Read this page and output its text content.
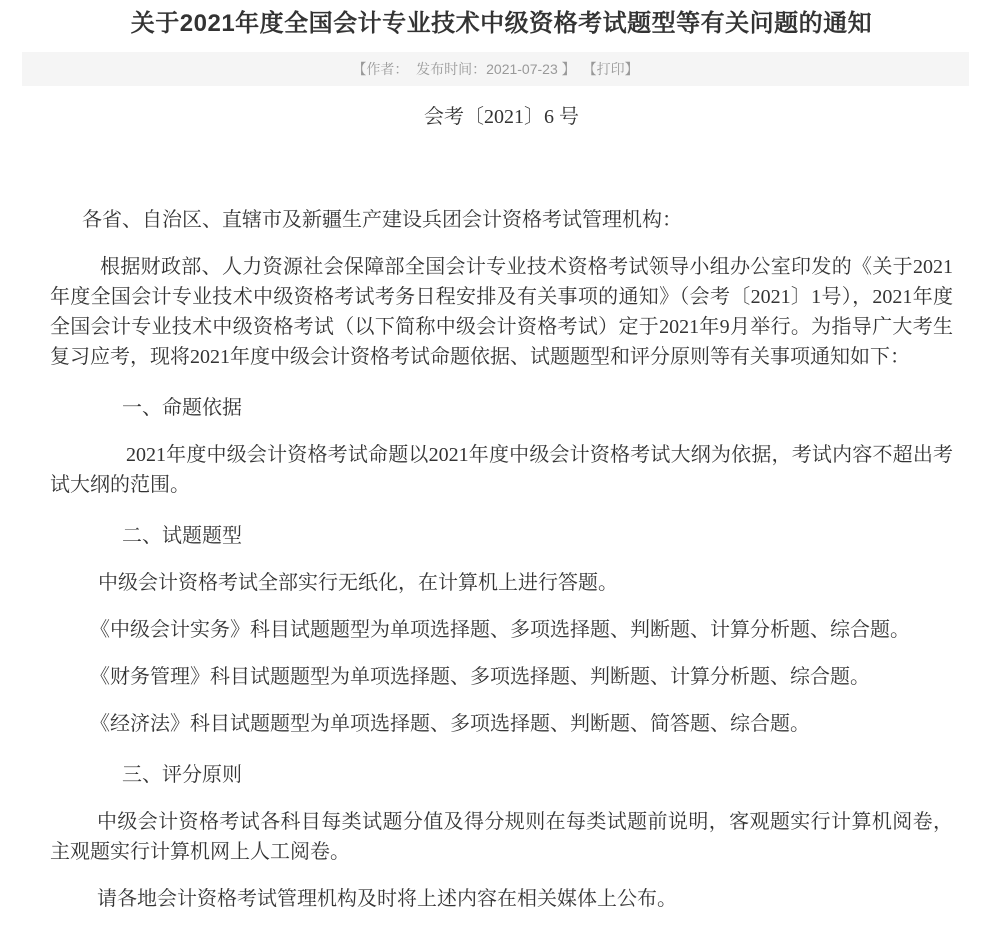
关于2021年度全国会计专业技术中级资格考试题型等有关问题的通知
【作者：  发布时间：2021-07-23 】 【打印】
会考〔2021〕6 号

各省、自治区、直辖市及新疆生产建设兵团会计资格考试管理机构：

根据财政部、人力资源社会保障部全国会计专业技术资格考试领导小组办公室印发的《关于2021年度全国会计专业技术中级资格考试考务日程安排及有关事项的通知》（会考〔2021〕1号），2021年度全国会计专业技术中级资格考试（以下简称中级会计资格考试）定于2021年9月举行。为指导广大考生复习应考，现将2021年度中级会计资格考试命题依据、试题题型和评分原则等有关事项通知如下：

一、命题依据

2021年度中级会计资格考试命题以2021年度中级会计资格考试大纲为依据，考试内容不超出考试大纲的范围。

二、试题题型

中级会计资格考试全部实行无纸化，在计算机上进行答题。

《中级会计实务》科目试题题型为单项选择题、多项选择题、判断题、计算分析题、综合题。

《财务管理》科目试题题型为单项选择题、多项选择题、判断题、计算分析题、综合题。

《经济法》科目试题题型为单项选择题、多项选择题、判断题、简答题、综合题。

三、评分原则

中级会计资格考试各科目每类试题分值及得分规则在每类试题前说明，客观题实行计算机阅卷，主观题实行计算机网上人工阅卷。

请各地会计资格考试管理机构及时将上述内容在相关媒体上公布。
